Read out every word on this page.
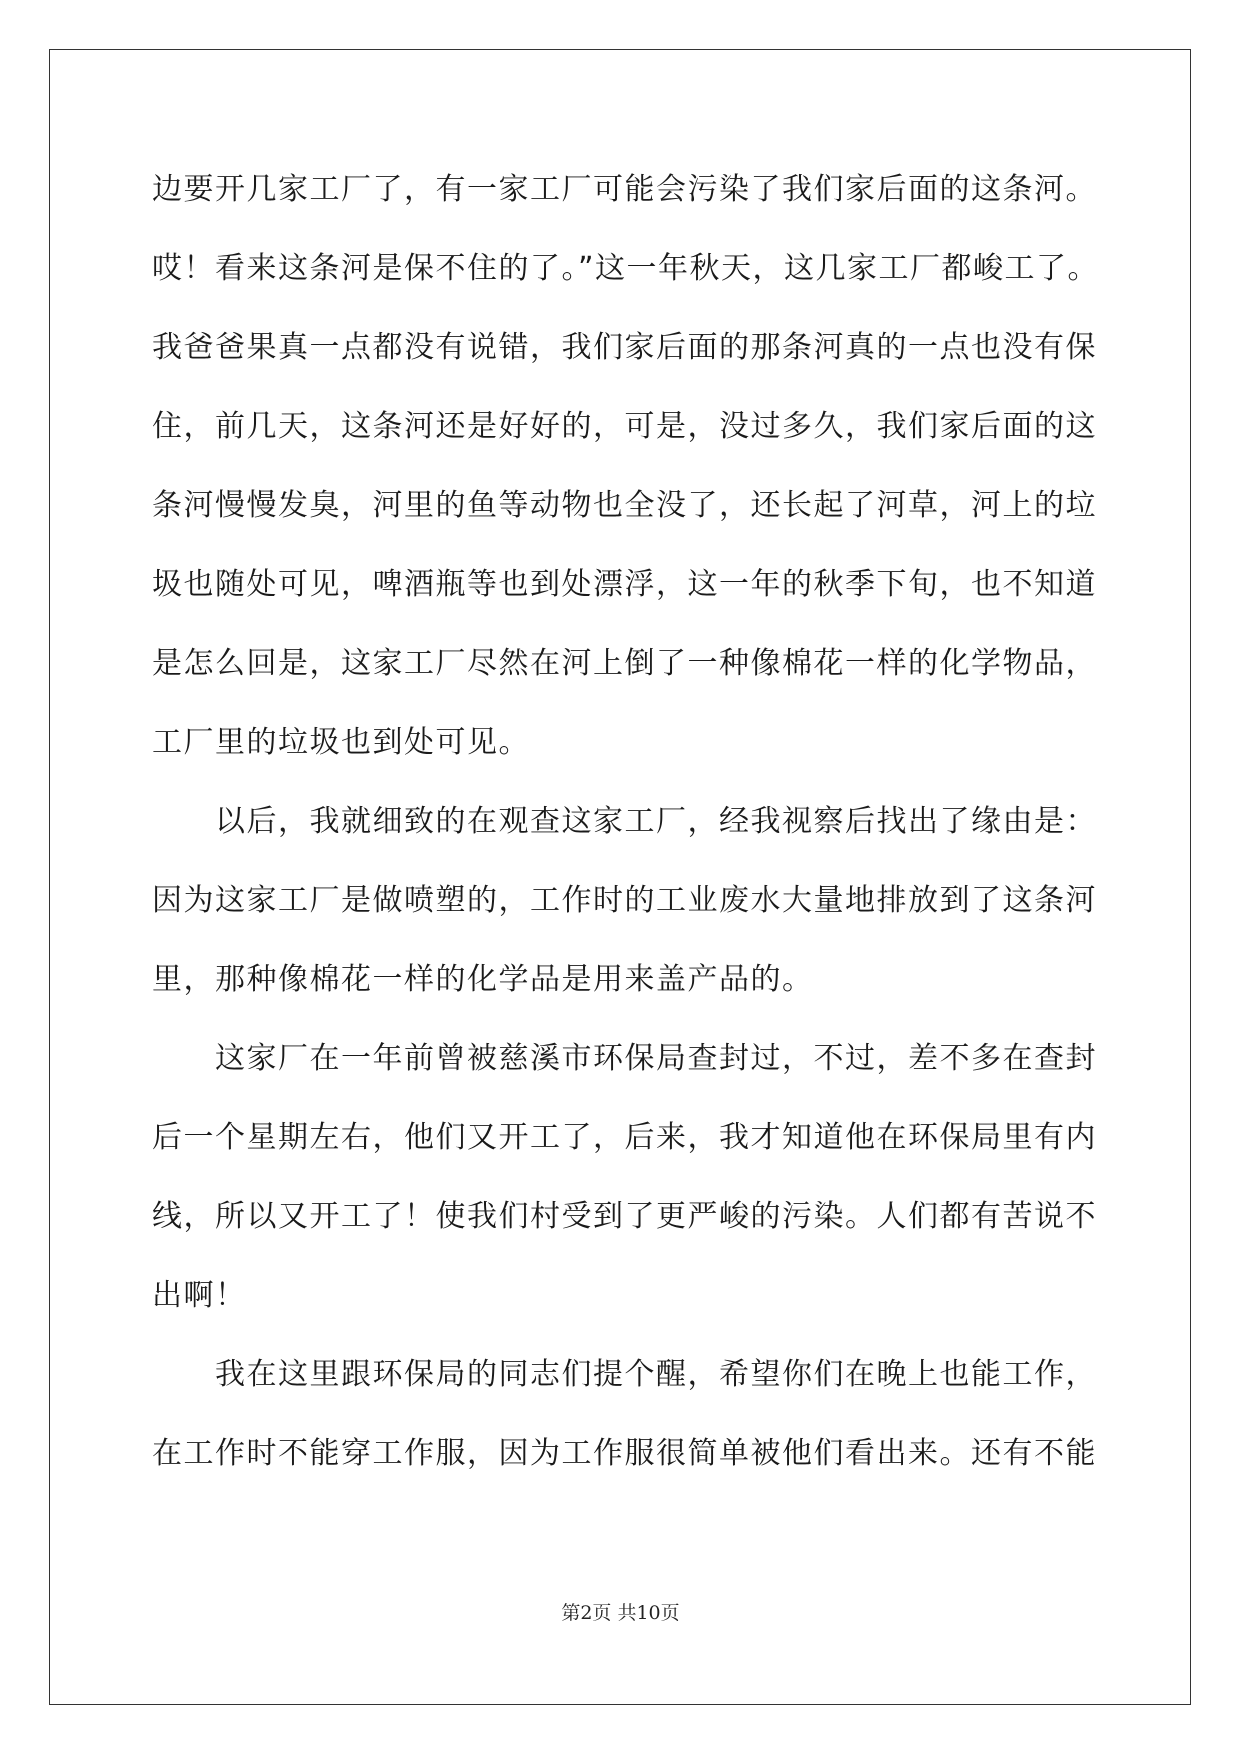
边要开几家工厂了，有一家工厂可能会污染了我们家后面的这条河。
哎！看来这条河是保不住的了。”这一年秋天，这几家工厂都峻工了。
我爸爸果真一点都没有说错，我们家后面的那条河真的一点也没有保
住，前几天，这条河还是好好的，可是，没过多久，我们家后面的这
条河慢慢发臭，河里的鱼等动物也全没了，还长起了河草，河上的垃
圾也随处可见，啤酒瓶等也到处漂浮，这一年的秋季下旬，也不知道
是怎么回是，这家工厂尽然在河上倒了一种像棉花一样的化学物品，
工厂里的垃圾也到处可见。
以后，我就细致的在观查这家工厂，经我视察后找出了缘由是：
因为这家工厂是做喷塑的，工作时的工业废水大量地排放到了这条河
里，那种像棉花一样的化学品是用来盖产品的。
这家厂在一年前曾被慈溪市环保局查封过，不过，差不多在查封
后一个星期左右，他们又开工了，后来，我才知道他在环保局里有内
线，所以又开工了！使我们村受到了更严峻的污染。人们都有苦说不
出啊！
我在这里跟环保局的同志们提个醒，希望你们在晚上也能工作，
在工作时不能穿工作服，因为工作服很简单被他们看出来。还有不能
第2页 共10页
